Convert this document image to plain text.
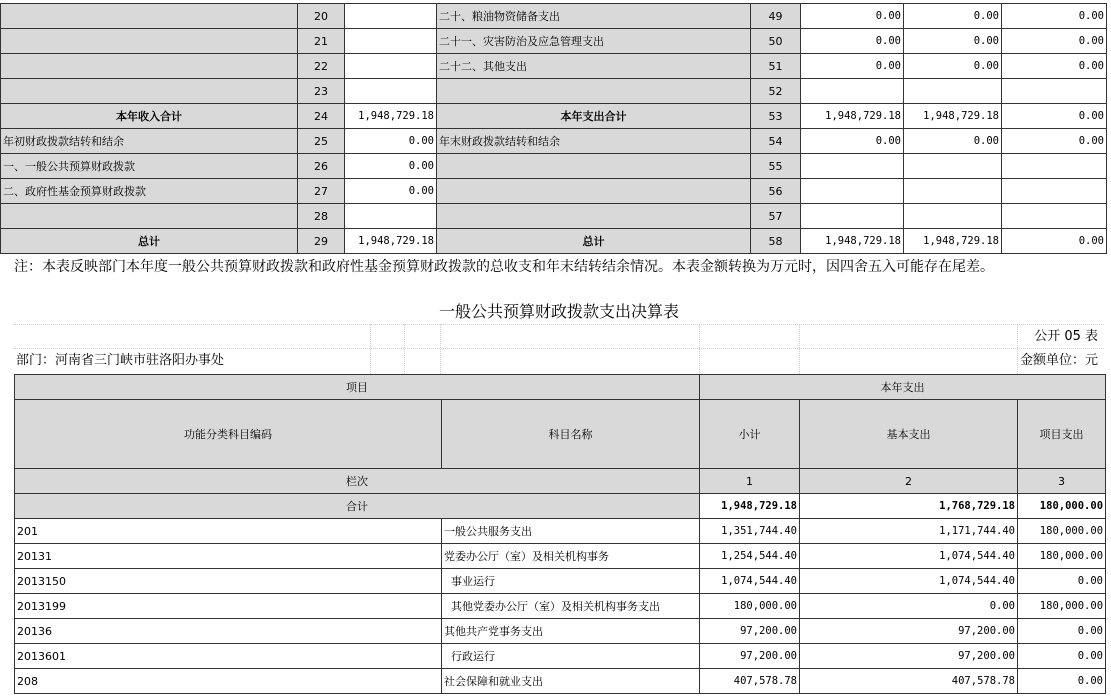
	20		二十、粮油物资储备支出	49	0.00	0.00	0.00
	21		二十一、灾害防治及应急管理支出	50	0.00	0.00	0.00
	22		二十二、其他支出	51	0.00	0.00	0.00
	23			52			
本年收入合计	24	1,948,729.18	本年支出合计	53	1,948,729.18	1,948,729.18	0.00
年初财政拨款结转和结余	25	0.00	年末财政拨款结转和结余	54	0.00	0.00	0.00
一、一般公共预算财政拨款	26	0.00		55			
二、政府性基金预算财政拨款	27	0.00		56			
	28			57			
总计	29	1,948,729.18	总计	58	1,948,729.18	1,948,729.18	0.00
注：本表反映部门本年度一般公共预算财政拨款和政府性基金预算财政拨款的总收支和年末结转结余情况。本表金额转换为万元时，因四舍五入可能存在尾差。
一般公共预算财政拨款支出决算表
公开 05 表
部门：河南省三门峡市驻洛阳办事处	金额单位：元
项目		本年支出		
功能分类科目编码	科目名称	小计	基本支出	项目支出
栏次		1	2	3
合计		1,948,729.18	1,768,729.18	180,000.00
201	一般公共服务支出	1,351,744.40	1,171,744.40	180,000.00
20131	党委办公厅（室）及相关机构事务	1,254,544.40	1,074,544.40	180,000.00
2013150	事业运行	1,074,544.40	1,074,544.40	0.00
2013199	其他党委办公厅（室）及相关机构事务支出	180,000.00	0.00	180,000.00
20136	其他共产党事务支出	97,200.00	97,200.00	0.00
2013601	行政运行	97,200.00	97,200.00	0.00
208	社会保障和就业支出	407,578.78	407,578.78	0.00
